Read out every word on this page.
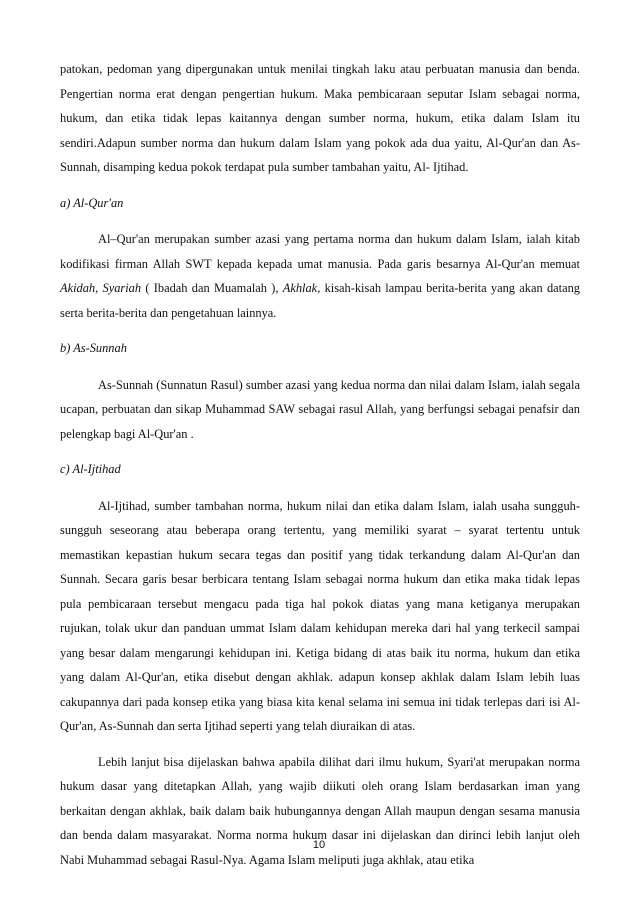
patokan, pedoman yang dipergunakan untuk menilai tingkah laku atau perbuatan manusia dan benda. Pengertian norma erat dengan pengertian hukum. Maka pembicaraan seputar Islam sebagai norma, hukum, dan etika tidak lepas kaitannya dengan sumber norma, hukum, etika dalam Islam itu sendiri.Adapun sumber norma dan hukum dalam Islam yang pokok ada dua yaitu, Al-Qur'an dan As-Sunnah, disamping kedua pokok terdapat pula sumber tambahan yaitu, Al- Ijtihad.

a) Al-Qur'an

Al–Qur'an merupakan sumber azasi yang pertama norma dan hukum dalam Islam, ialah kitab kodifikasi firman Allah SWT kepada kepada umat manusia. Pada garis besarnya Al-Qur'an memuat Akidah, Syariah ( Ibadah dan Muamalah ), Akhlak, kisah-kisah lampau berita-berita yang akan datang serta berita-berita dan pengetahuan lainnya.

b) As-Sunnah

As-Sunnah (Sunnatun Rasul) sumber azasi yang kedua norma dan nilai dalam Islam, ialah segala ucapan, perbuatan dan sikap Muhammad SAW sebagai rasul Allah, yang berfungsi sebagai penafsir dan pelengkap bagi Al-Qur'an .

c) Al-Ijtihad

Al-Ijtihad, sumber tambahan norma, hukum nilai dan etika dalam Islam, ialah usaha sungguh-sungguh seseorang atau beberapa orang tertentu, yang memiliki syarat – syarat tertentu untuk memastikan kepastian hukum secara tegas dan positif yang tidak terkandung dalam Al-Qur'an dan Sunnah. Secara garis besar berbicara tentang Islam sebagai norma hukum dan etika maka tidak lepas pula pembicaraan tersebut mengacu pada tiga hal pokok diatas yang mana ketiganya merupakan rujukan, tolak ukur dan panduan ummat Islam dalam kehidupan mereka dari hal yang terkecil sampai yang besar dalam mengarungi kehidupan ini. Ketiga bidang di atas baik itu norma, hukum dan etika yang dalam Al-Qur'an, etika disebut dengan akhlak. adapun konsep akhlak dalam Islam lebih luas cakupannya dari pada konsep etika yang biasa kita kenal selama ini semua ini tidak terlepas dari isi Al-Qur'an, As-Sunnah dan serta Ijtihad seperti yang telah diuraikan di atas.

Lebih lanjut bisa dijelaskan bahwa apabila dilihat dari ilmu hukum, Syari'at merupakan norma hukum dasar yang ditetapkan Allah, yang wajib diikuti oleh orang Islam berdasarkan iman yang berkaitan dengan akhlak, baik dalam baik hubungannya dengan Allah maupun dengan sesama manusia dan benda dalam masyarakat. Norma norma hukum dasar ini dijelaskan dan dirinci lebih lanjut oleh Nabi Muhammad sebagai Rasul-Nya. Agama Islam meliputi juga akhlak, atau etika

10
